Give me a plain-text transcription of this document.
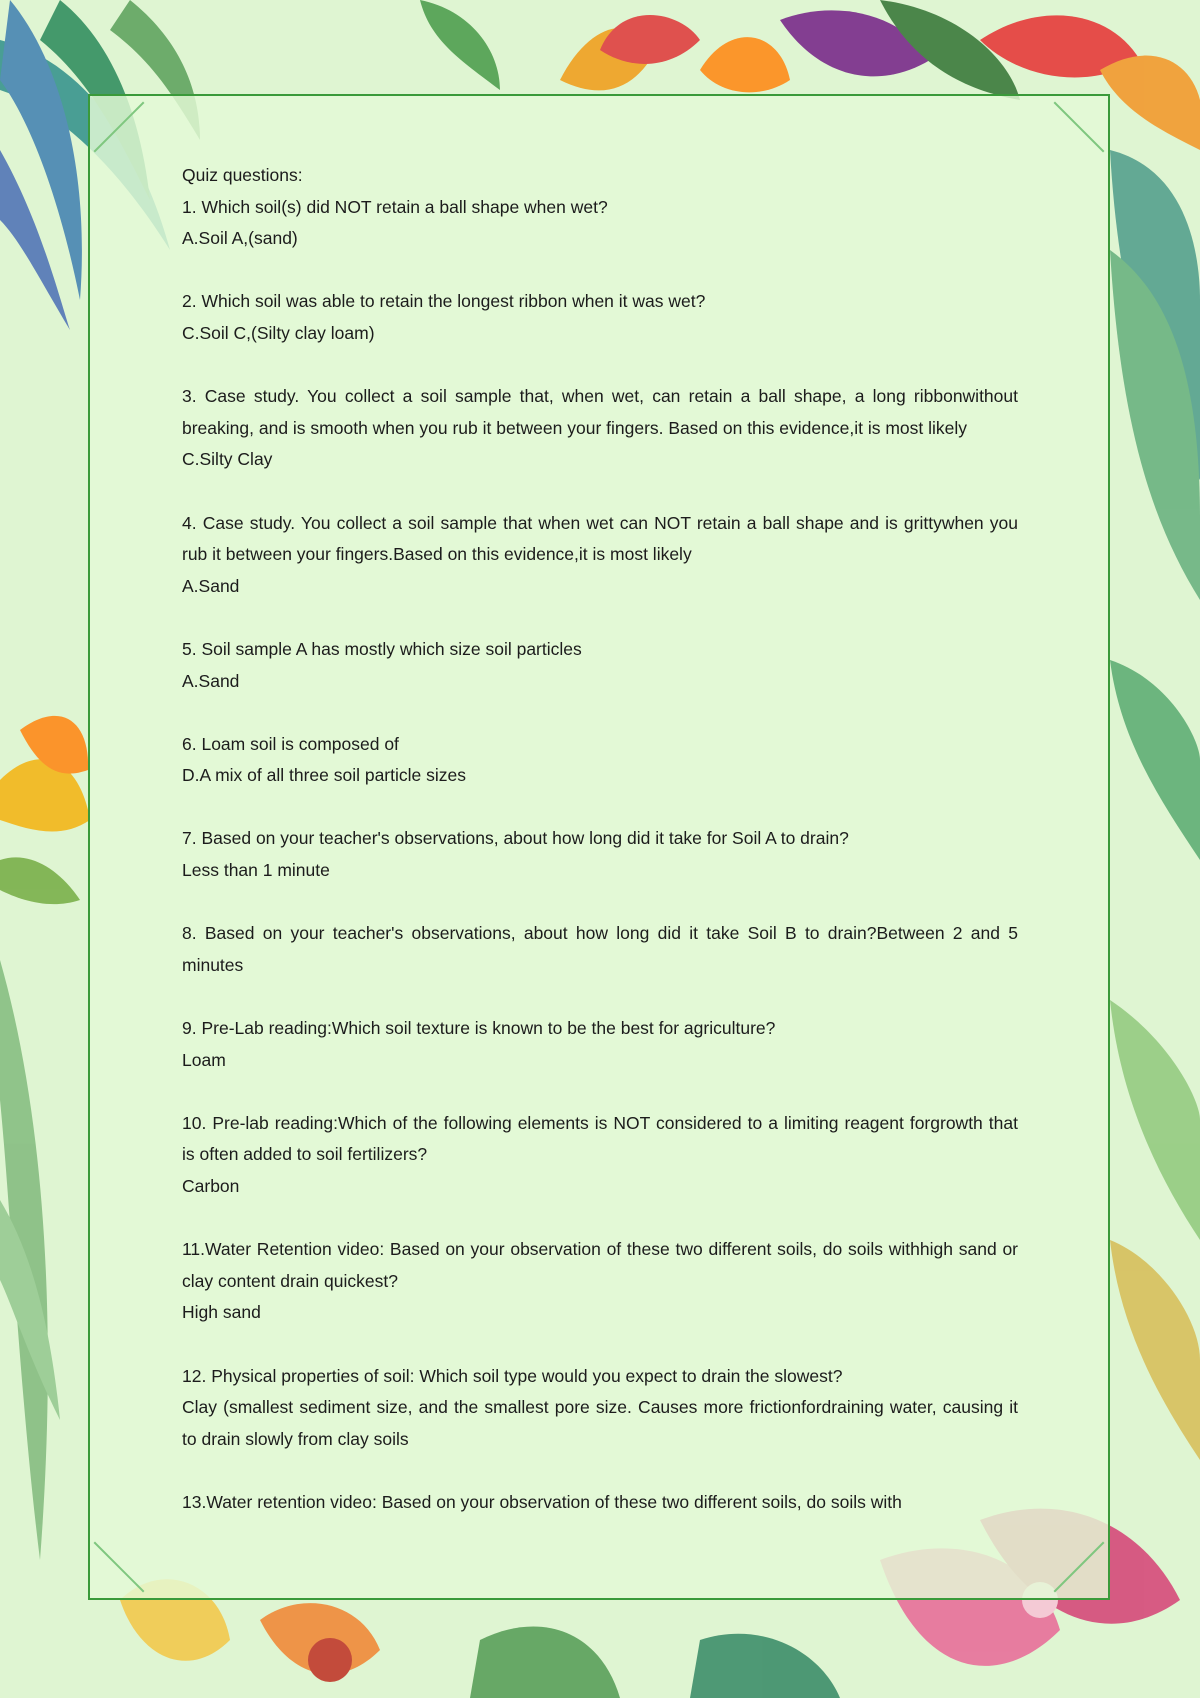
Quiz questions:

1. Which soil(s) did NOT retain a ball shape when wet?

A.Soil A,(sand)

2. Which soil was able to retain the longest ribbon when it was wet?

C.Soil C,(Silty clay loam)

3. Case study. You collect a soil sample that, when wet, can retain a ball shape, a long ribbonwithout breaking, and is smooth when you rub it between your fingers. Based on this evidence,it is most likely

C.Silty Clay

4. Case study. You collect a soil sample that when wet can NOT retain a ball shape and is grittywhen you rub it between your fingers.Based on this evidence,it is most likely

A.Sand

5. Soil sample A has mostly which size soil particles

A.Sand

6. Loam soil is composed of

D.A mix of all three soil particle sizes

7. Based on your teacher's observations, about how long did it take for Soil A to drain?

Less than 1 minute

8. Based on your teacher's observations, about how long did it take Soil B to drain?Between 2 and 5 minutes

9. Pre-Lab reading:Which soil texture is known to be the best for agriculture?

Loam

10. Pre-lab reading:Which of the following elements is NOT considered to a limiting reagent forgrowth that is often added to soil fertilizers?

Carbon

11.Water Retention video: Based on your observation of these two different soils, do soils withhigh sand or clay content drain quickest?

High sand

12. Physical properties of soil: Which soil type would you expect to drain the slowest?

Clay (smallest sediment size, and the smallest pore size. Causes more frictionfordraining water, causing it to drain slowly from clay soils

13.Water retention video: Based on your observation of these two different soils, do soils with
